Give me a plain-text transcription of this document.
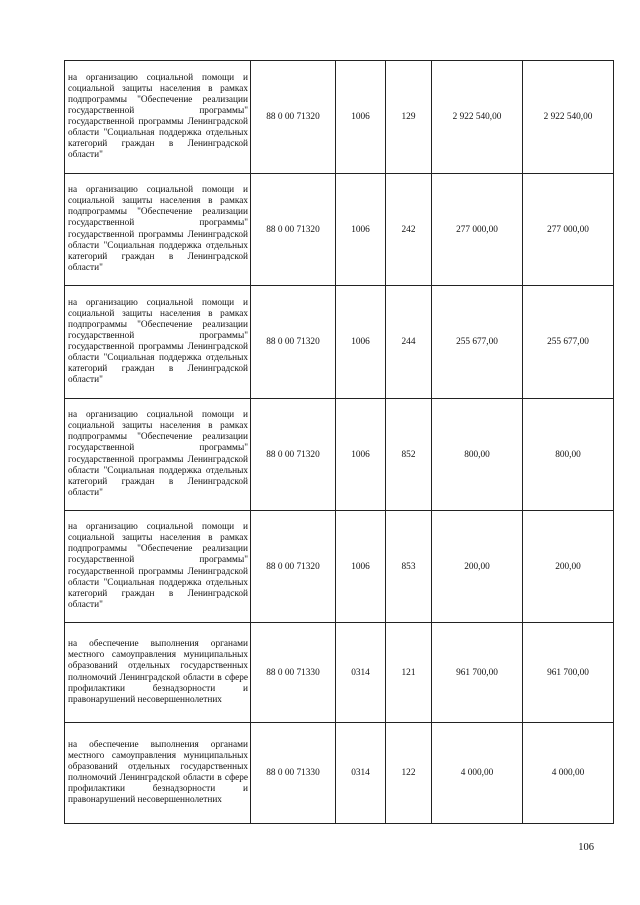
на организацию социальной помощи и социальной защиты населения в рамках подпрограммы "Обеспечение реализации государственной программы" государственной программы Ленинградской области "Социальная поддержка отдельных категорий граждан в Ленинградской области"	88 0 00 71320	1006	129	2 922 540,00	2 922 540,00
на организацию социальной помощи и социальной защиты населения в рамках подпрограммы "Обеспечение реализации государственной программы" государственной программы Ленинградской области "Социальная поддержка отдельных категорий граждан в Ленинградской области"	88 0 00 71320	1006	242	277 000,00	277 000,00
на организацию социальной помощи и социальной защиты населения в рамках подпрограммы "Обеспечение реализации государственной программы" государственной программы Ленинградской области "Социальная поддержка отдельных категорий граждан в Ленинградской области"	88 0 00 71320	1006	244	255 677,00	255 677,00
на организацию социальной помощи и социальной защиты населения в рамках подпрограммы "Обеспечение реализации государственной программы" государственной программы Ленинградской области "Социальная поддержка отдельных категорий граждан в Ленинградской области"	88 0 00 71320	1006	852	800,00	800,00
на организацию социальной помощи и социальной защиты населения в рамках подпрограммы "Обеспечение реализации государственной программы" государственной программы Ленинградской области "Социальная поддержка отдельных категорий граждан в Ленинградской области"	88 0 00 71320	1006	853	200,00	200,00
на обеспечение выполнения органами местного самоуправления муниципальных образований отдельных государственных полномочий Ленинградской области в сфере профилактики безнадзорности и правонарушений несовершеннолетних	88 0 00 71330	0314	121	961 700,00	961 700,00
на обеспечение выполнения органами местного самоуправления муниципальных образований отдельных государственных полномочий Ленинградской области в сфере профилактики безнадзорности и правонарушений несовершеннолетних	88 0 00 71330	0314	122	4 000,00	4 000,00
106
